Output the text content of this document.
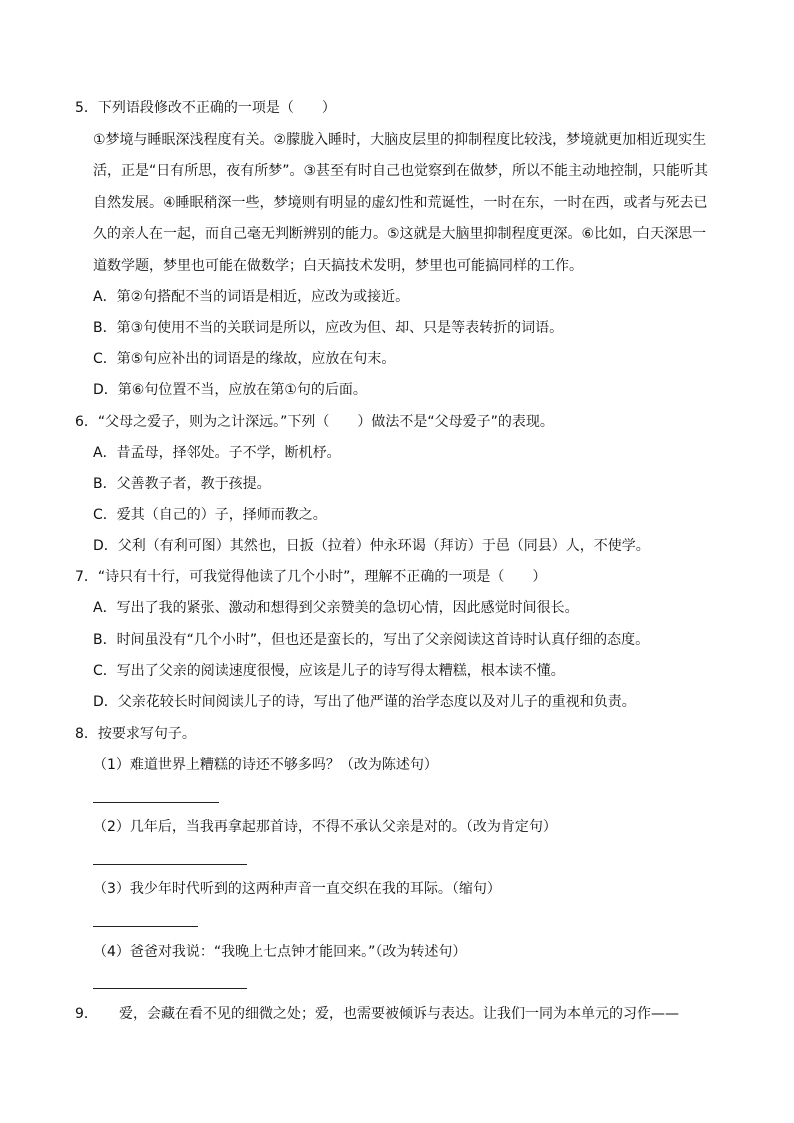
5．下列语段修改不正确的一项是（　　）
①梦境与睡眠深浅程度有关。②朦胧入睡时，大脑皮层里的抑制程度比较浅，梦境就更加相近现实生
活，正是“日有所思，夜有所梦”。③甚至有时自己也觉察到在做梦，所以不能主动地控制，只能听其
自然发展。④睡眠稍深一些，梦境则有明显的虚幻性和荒诞性，一时在东，一时在西，或者与死去已
久的亲人在一起，而自己毫无判断辨别的能力。⑤这就是大脑里抑制程度更深。⑥比如，白天深思一
道数学题，梦里也可能在做数学；白天搞技术发明，梦里也可能搞同样的工作。
A．第②句搭配不当的词语是相近，应改为或接近。
B．第③句使用不当的关联词是所以，应改为但、却、只是等表转折的词语。
C．第⑤句应补出的词语是的缘故，应放在句末。
D．第⑥句位置不当，应放在第①句的后面。
6．“父母之爱子，则为之计深远。”下列（　　）做法不是“父母爱子”的表现。
A．昔孟母，择邻处。子不学，断机杼。
B．父善教子者，教于孩提。
C．爱其（自己的）子，择师而教之。
D．父利（有利可图）其然也，日扳（拉着）仲永环谒（拜访）于邑（同县）人，不使学。
7．“诗只有十行，可我觉得他读了几个小时”，理解不正确的一项是（　　）
A．写出了我的紧张、激动和想得到父亲赞美的急切心情，因此感觉时间很长。
B．时间虽没有“几个小时”，但也还是蛮长的，写出了父亲阅读这首诗时认真仔细的态度。
C．写出了父亲的阅读速度很慢，应该是儿子的诗写得太糟糕，根本读不懂。
D．父亲花较长时间阅读儿子的诗，写出了他严谨的治学态度以及对儿子的重视和负责。
8．按要求写句子。
（1）难道世界上糟糕的诗还不够多吗？（改为陈述句）
（2）几年后，当我再拿起那首诗，不得不承认父亲是对的。（改为肯定句）
（3）我少年时代听到的这两种声音一直交织在我的耳际。（缩句）
（4）爸爸对我说：“我晚上七点钟才能回来。”（改为转述句）
9． 爱，会藏在看不见的细微之处；爱，也需要被倾诉与表达。让我们一同为本单元的习作——
